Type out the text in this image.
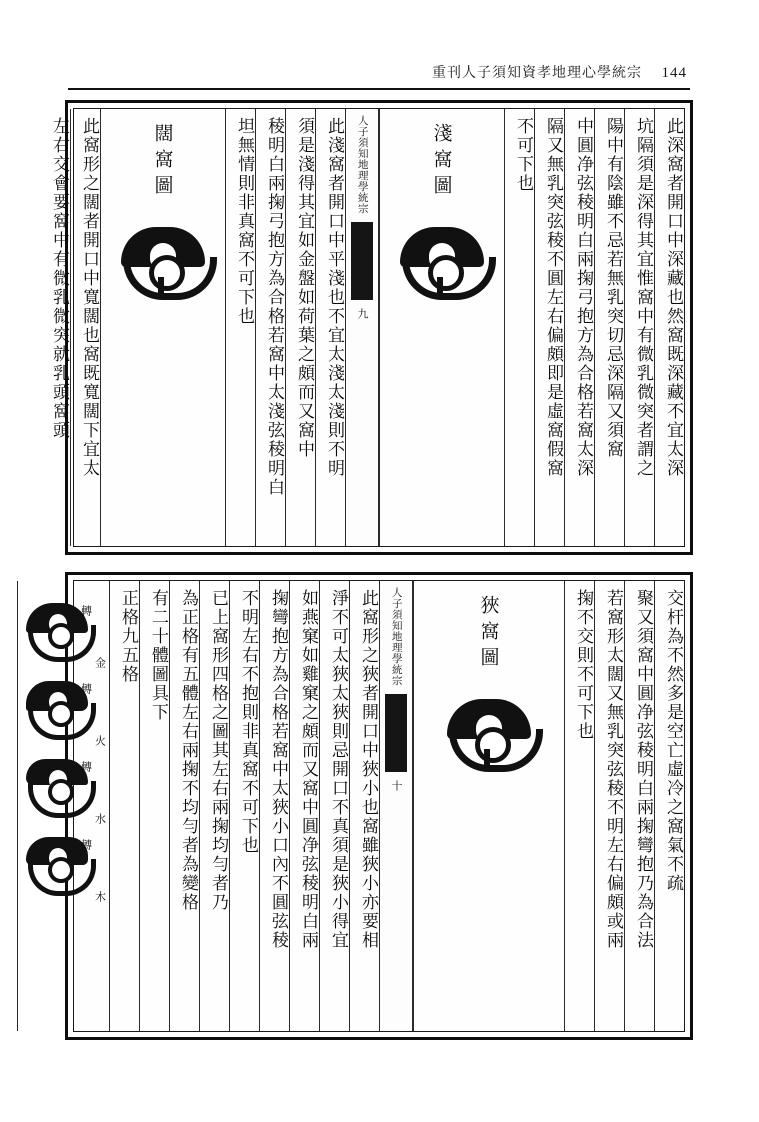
重刊人子須知資孝地理心學統宗 144
此深窩者開口中深藏也然窩既深藏不宜太深
坑隔須是深得其宜惟窩中有微乳微突者謂之
陽中有陰雖不忌若無乳突切忌深隔又須窩
中圓净弦稜明白兩掬弓抱方為合格若窩太深
隔又無乳突弦稜不圓左右偏頗即是虛窩假窩
不可下也
淺窩圖
人子須知地理學統宗
九
此淺窩者開口中平淺也不宜太淺太淺則不明
須是淺得其宜如金盤如荷葉之頗而又窩中
稜明白兩掬弓抱方為合格若窩中太淺弦稜明白
坦無情則非真窩不可下也
闊窩圖
此窩形之闊者開口中寬闊也窩既寬闊下宜太
左右交會要窩中有微乳微突就乳頭窩頭
交杆為不然多是空亡虛冷之窩氣不疏
聚又須窩中圓净弦稜明白兩掬彎抱乃為合法
若窩形太闊又無乳突弦稜不明左右偏頗或兩
掬不交則不可下也
狹窩圖
人子須知地理學統宗
十
此窩形之狹者開口中狹小也窩雖狹小亦要相
淨不可太狹太狹則忌開口不真須是狹小得宜
如燕窠如雞窠之頗而又窩中圓净弦稜明白兩
掬彎抱方為合格若窩中太狹小口內不圓弦稜
不明左右不抱則非真窩不可下也
已上窩形四格之圖其左右兩掬均勻者乃
為正格有五體左右兩掬不均勻者為變格
有二十體圖具下
正格九五格
轉
金
轉
火
轉
水
轉
木
